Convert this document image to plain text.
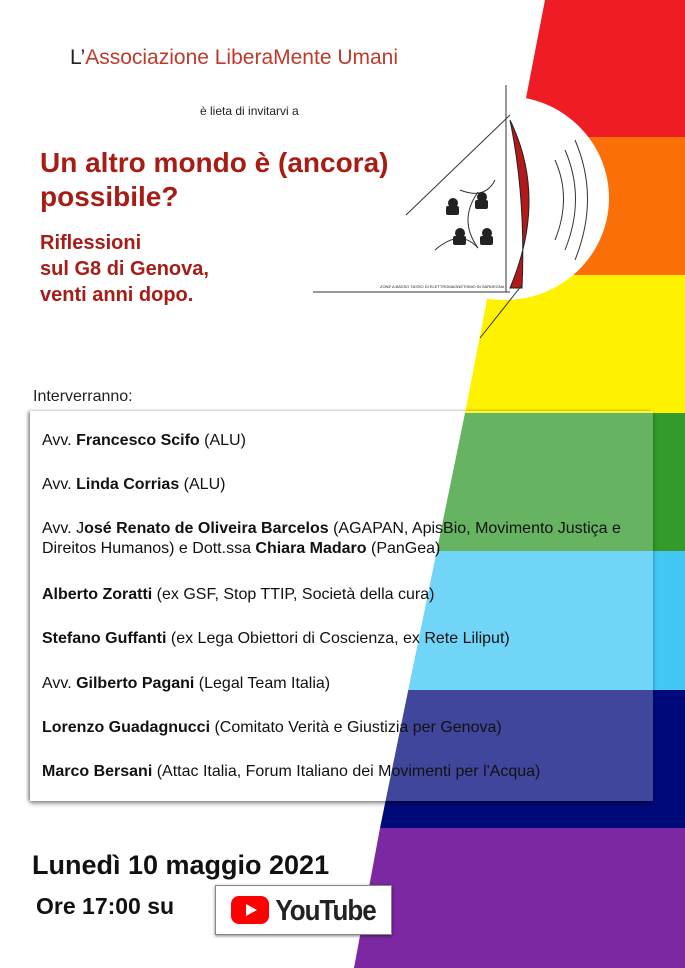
L’Associazione LiberaMente Umani
è lieta di invitarvi a
Un altro mondo è (ancora)
possibile?
Riflessioni
sul G8 di Genova,
venti anni dopo.	ZONE A BASSO TASSO DI ELETTROMAGNETISMO IN SARDEGNA
Interverranno:
Avv. Francesco Scifo (ALU)
Avv. Linda Corrias (ALU)
Avv. José Renato de Oliveira Barcelos (AGAPAN, ApisBio, Movimento Justiça e Direitos Humanos) e Dott.ssa Chiara Madaro (PanGea)
Alberto Zoratti (ex GSF, Stop TTIP, Società della cura)
Stefano Guffanti (ex Lega Obiettori di Coscienza, ex Rete Liliput)
Avv. Gilberto Pagani (Legal Team Italia)
Lorenzo Guadagnucci (Comitato Verità e Giustizia per Genova)
Marco Bersani (Attac Italia, Forum Italiano dei Movimenti per l'Acqua)
Lunedì 10 maggio 2021
Ore 17:00 su	YouTube
